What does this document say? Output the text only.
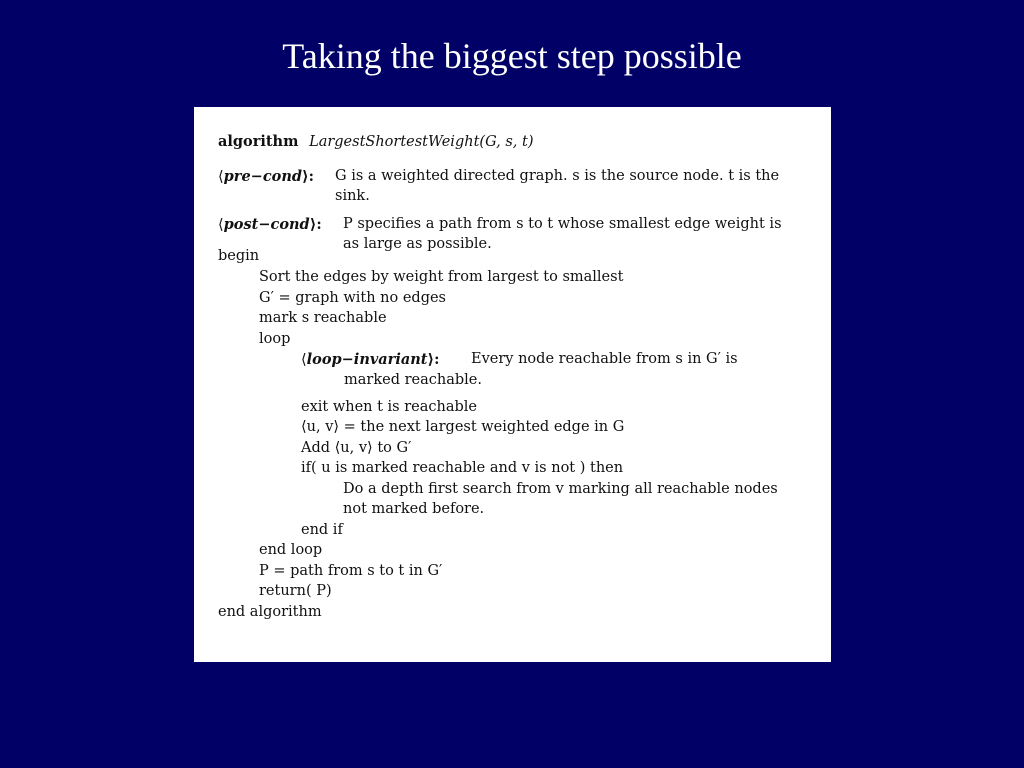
Taking the biggest step possible
algorithm LargestShortestWeight(G, s, t)
⟨pre−cond⟩: G is a weighted directed graph. s is the source node. t is the
sink.
⟨post−cond⟩: P specifies a path from s to t whose smallest edge weight is
as large as possible.
begin
Sort the edges by weight from largest to smallest
G′ = graph with no edges
mark s reachable
loop
⟨loop−invariant⟩: Every node reachable from s in G′ is
marked reachable.
exit when t is reachable
⟨u, v⟩ = the next largest weighted edge in G
Add ⟨u, v⟩ to G′
if( u is marked reachable and v is not ) then
Do a depth first search from v marking all reachable nodes
not marked before.
end if
end loop
P = path from s to t in G′
return( P)
end algorithm
